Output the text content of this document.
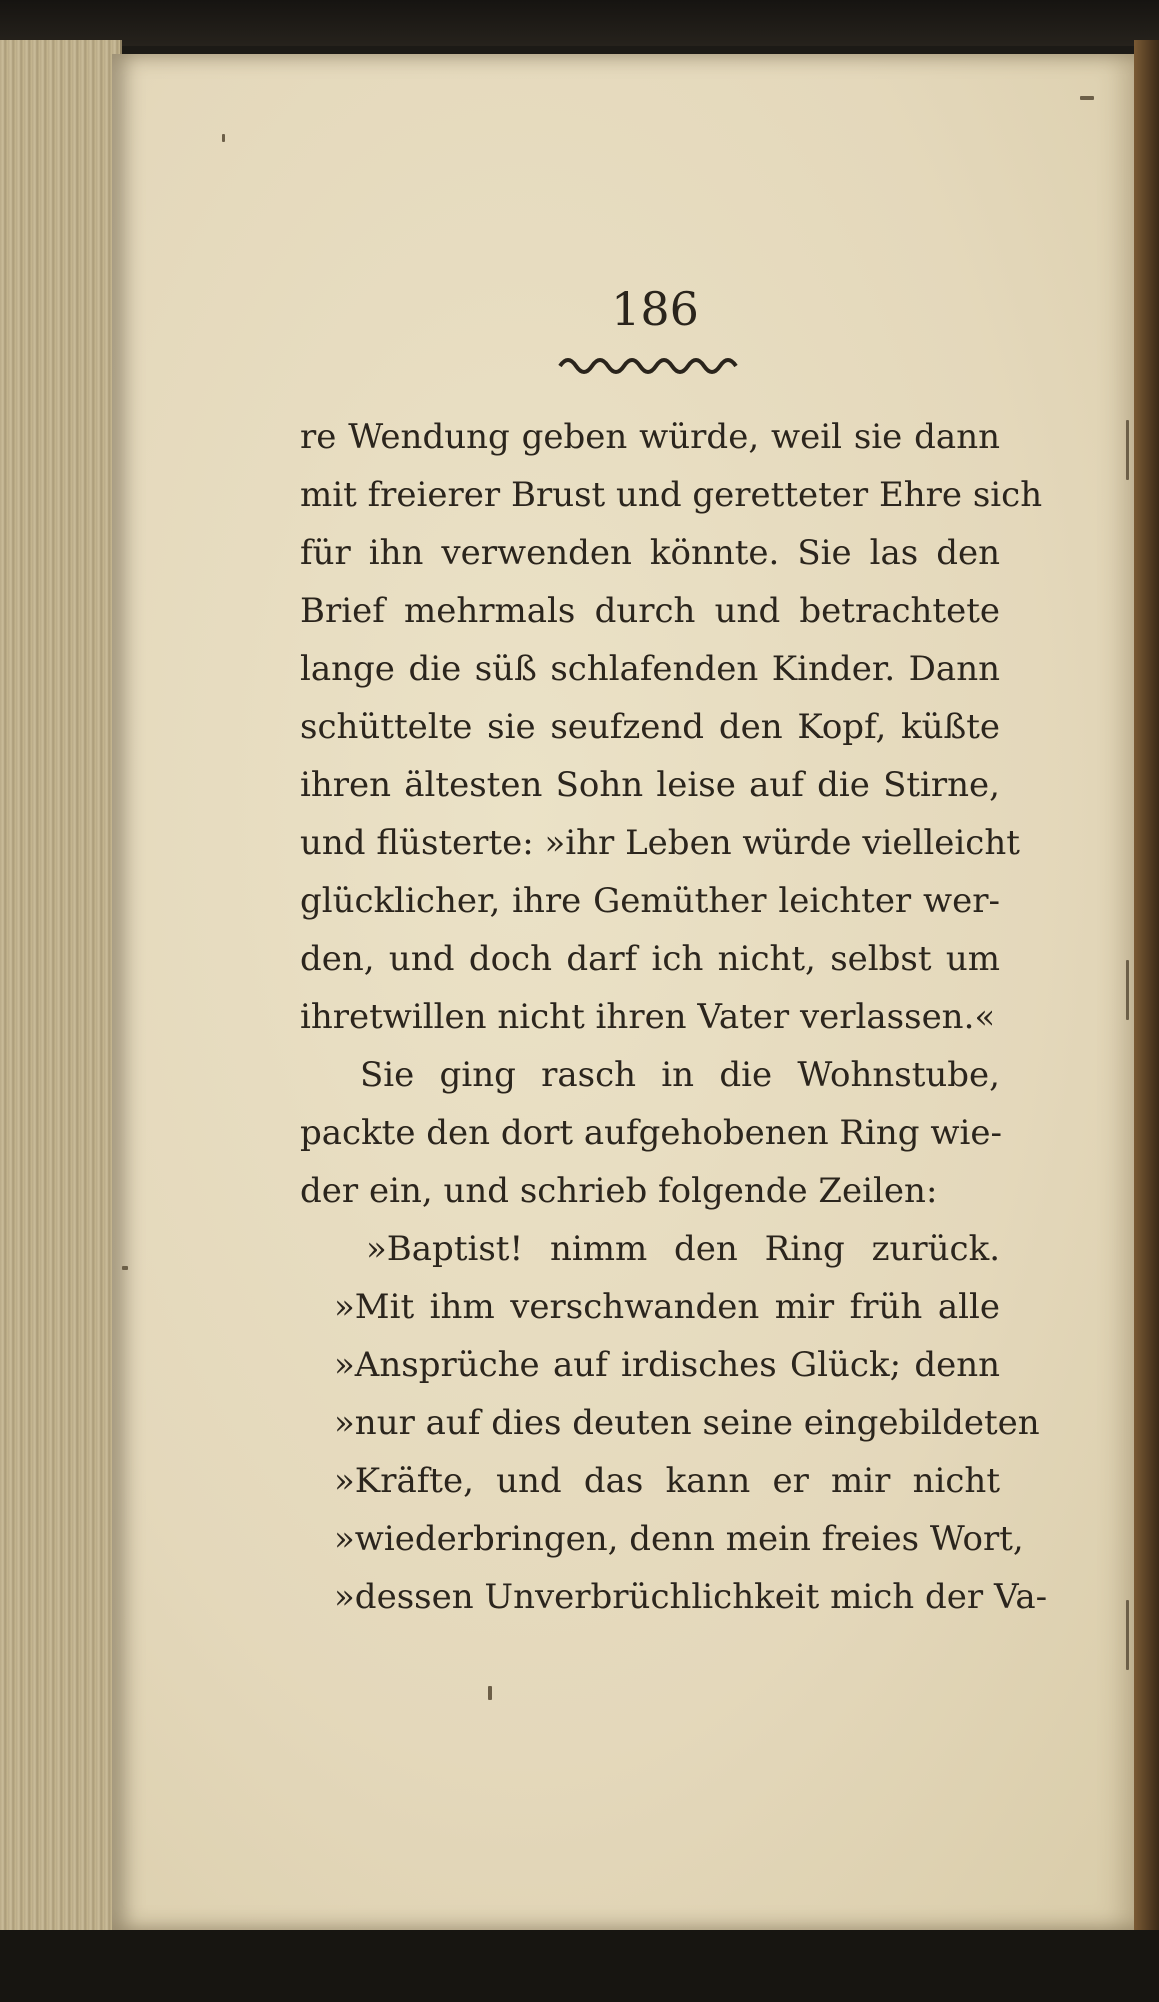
186
re Wendung geben würde, weil sie dann
mit freierer Brust und geretteter Ehre sich
für ihn verwenden könnte. Sie las den
Brief mehrmals durch und betrachtete
lange die süß schlafenden Kinder. Dann
schüttelte sie seufzend den Kopf, küßte
ihren ältesten Sohn leise auf die Stirne,
und flüsterte: »ihr Leben würde vielleicht
glücklicher, ihre Gemüther leichter wer-
den, und doch darf ich nicht, selbst um
ihretwillen nicht ihren Vater verlassen.«
Sie ging rasch in die Wohnstube,
packte den dort aufgehobenen Ring wie-
der ein, und schrieb folgende Zeilen:
»Baptist! nimm den Ring zurück.
»Mit ihm verschwanden mir früh alle
»Ansprüche auf irdisches Glück; denn
»nur auf dies deuten seine eingebildeten
»Kräfte, und das kann er mir nicht
»wiederbringen, denn mein freies Wort,
»dessen Unverbrüchlichkeit mich der Va-
